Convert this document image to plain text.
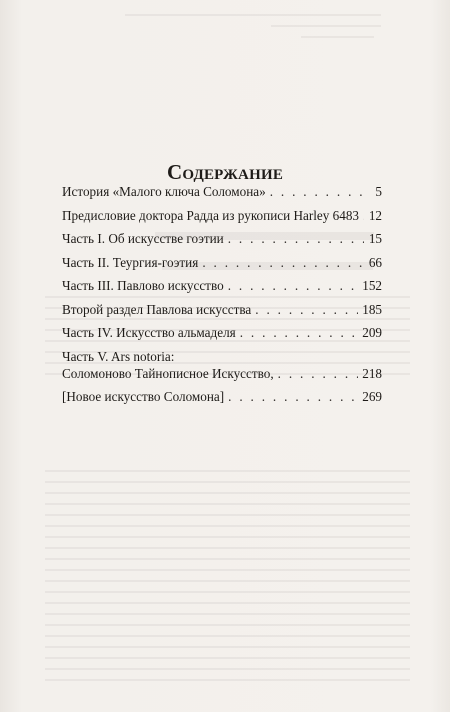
Содержание
История «Малого ключа Соломона» . . .	5
Предисловие доктора Радда из рукописи Harley 6483 . . . 12
Часть I. Об искусстве гоэтии . . .	15
Часть II. Теургия-гоэтия . . .	66
Часть III. Павлово искусство . . .	152
Второй раздел Павлова искусства . . .	185
Часть IV. Искусство альмаделя . . .	209
Часть V. Ars notoria:
Соломоново Тайнописное Искусство, . . .	218
[Новое искусство Соломона] . . .	269
